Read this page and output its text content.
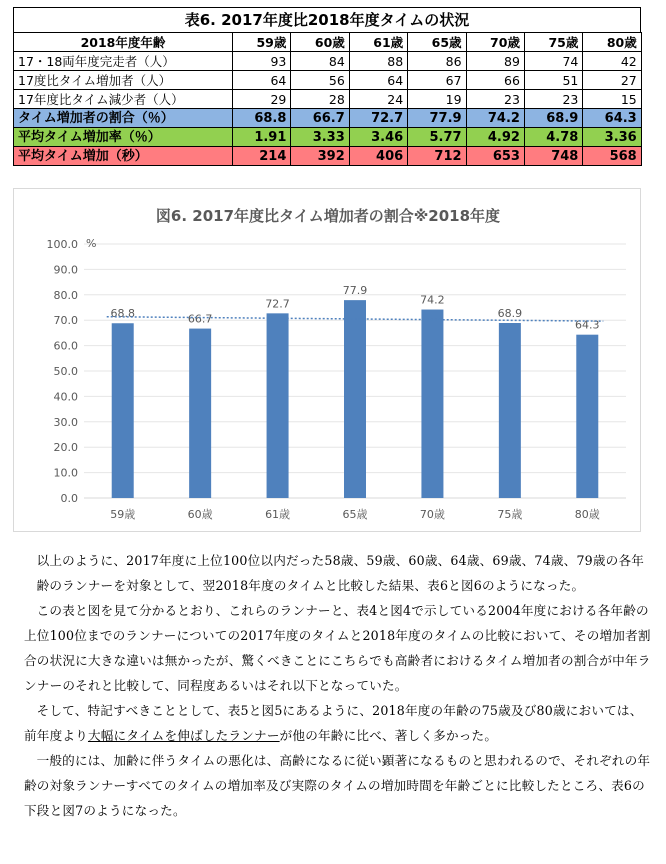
表6. 2017年度比2018年度タイムの状況
2018年度年齢	59歳	60歳	61歳	65歳	70歳	75歳	80歳
17・18両年度完走者（人）	93	84	88	86	89	74	42
17度比タイム増加者（人）	64	56	64	67	66	51	27
17年度比タイム減少者（人）	29	28	24	19	23	23	15
タイム増加者の割合（％）	68.8	66.7	72.7	77.9	74.2	68.9	64.3
平均タイム増加率（％）	1.91	3.33	3.46	5.77	4.92	4.78	3.36
平均タイム増加（秒）	214	392	406	712	653	748	568
図6. 2017年度比タイム増加者の割合※2018年度
0.0
10.0
20.0
30.0
40.0
50.0
60.0
70.0
80.0
90.0
100.0 %
68.8	66.7
72.7
77.9
74.2
68.9
64.3
59歳	60歳	61歳	65歳	70歳	75歳	80歳

以上のように、2017年度に上位100位以内だった58歳、59歳、60歳、64歳、69歳、74歳、79歳の各年齢のランナーを対象として、翌2018年度のタイムと比較した結果、表6と図6のようになった。

この表と図を見て分かるとおり、これらのランナーと、表4と図4で示している2004年度における各年齢の上位100位までのランナーについての2017年度のタイムと2018年度のタイムの比較において、その増加者割合の状況に大きな違いは無かったが、驚くべきことにこちらでも高齢者におけるタイム増加者の割合が中年ランナーのそれと比較して、同程度あるいはそれ以下となっていた。

そして、特記すべきこととして、表5と図5にあるように、2018年度の年齢の75歳及び80歳においては、前年度より大幅にタイムを伸ばしたランナーが他の年齢に比べ、著しく多かった。

一般的には、加齢に伴うタイムの悪化は、高齢になるに従い顕著になるものと思われるので、それぞれの年齢の対象ランナーすべてのタイムの増加率及び実際のタイムの増加時間を年齢ごとに比較したところ、表6の下段と図7のようになった。
